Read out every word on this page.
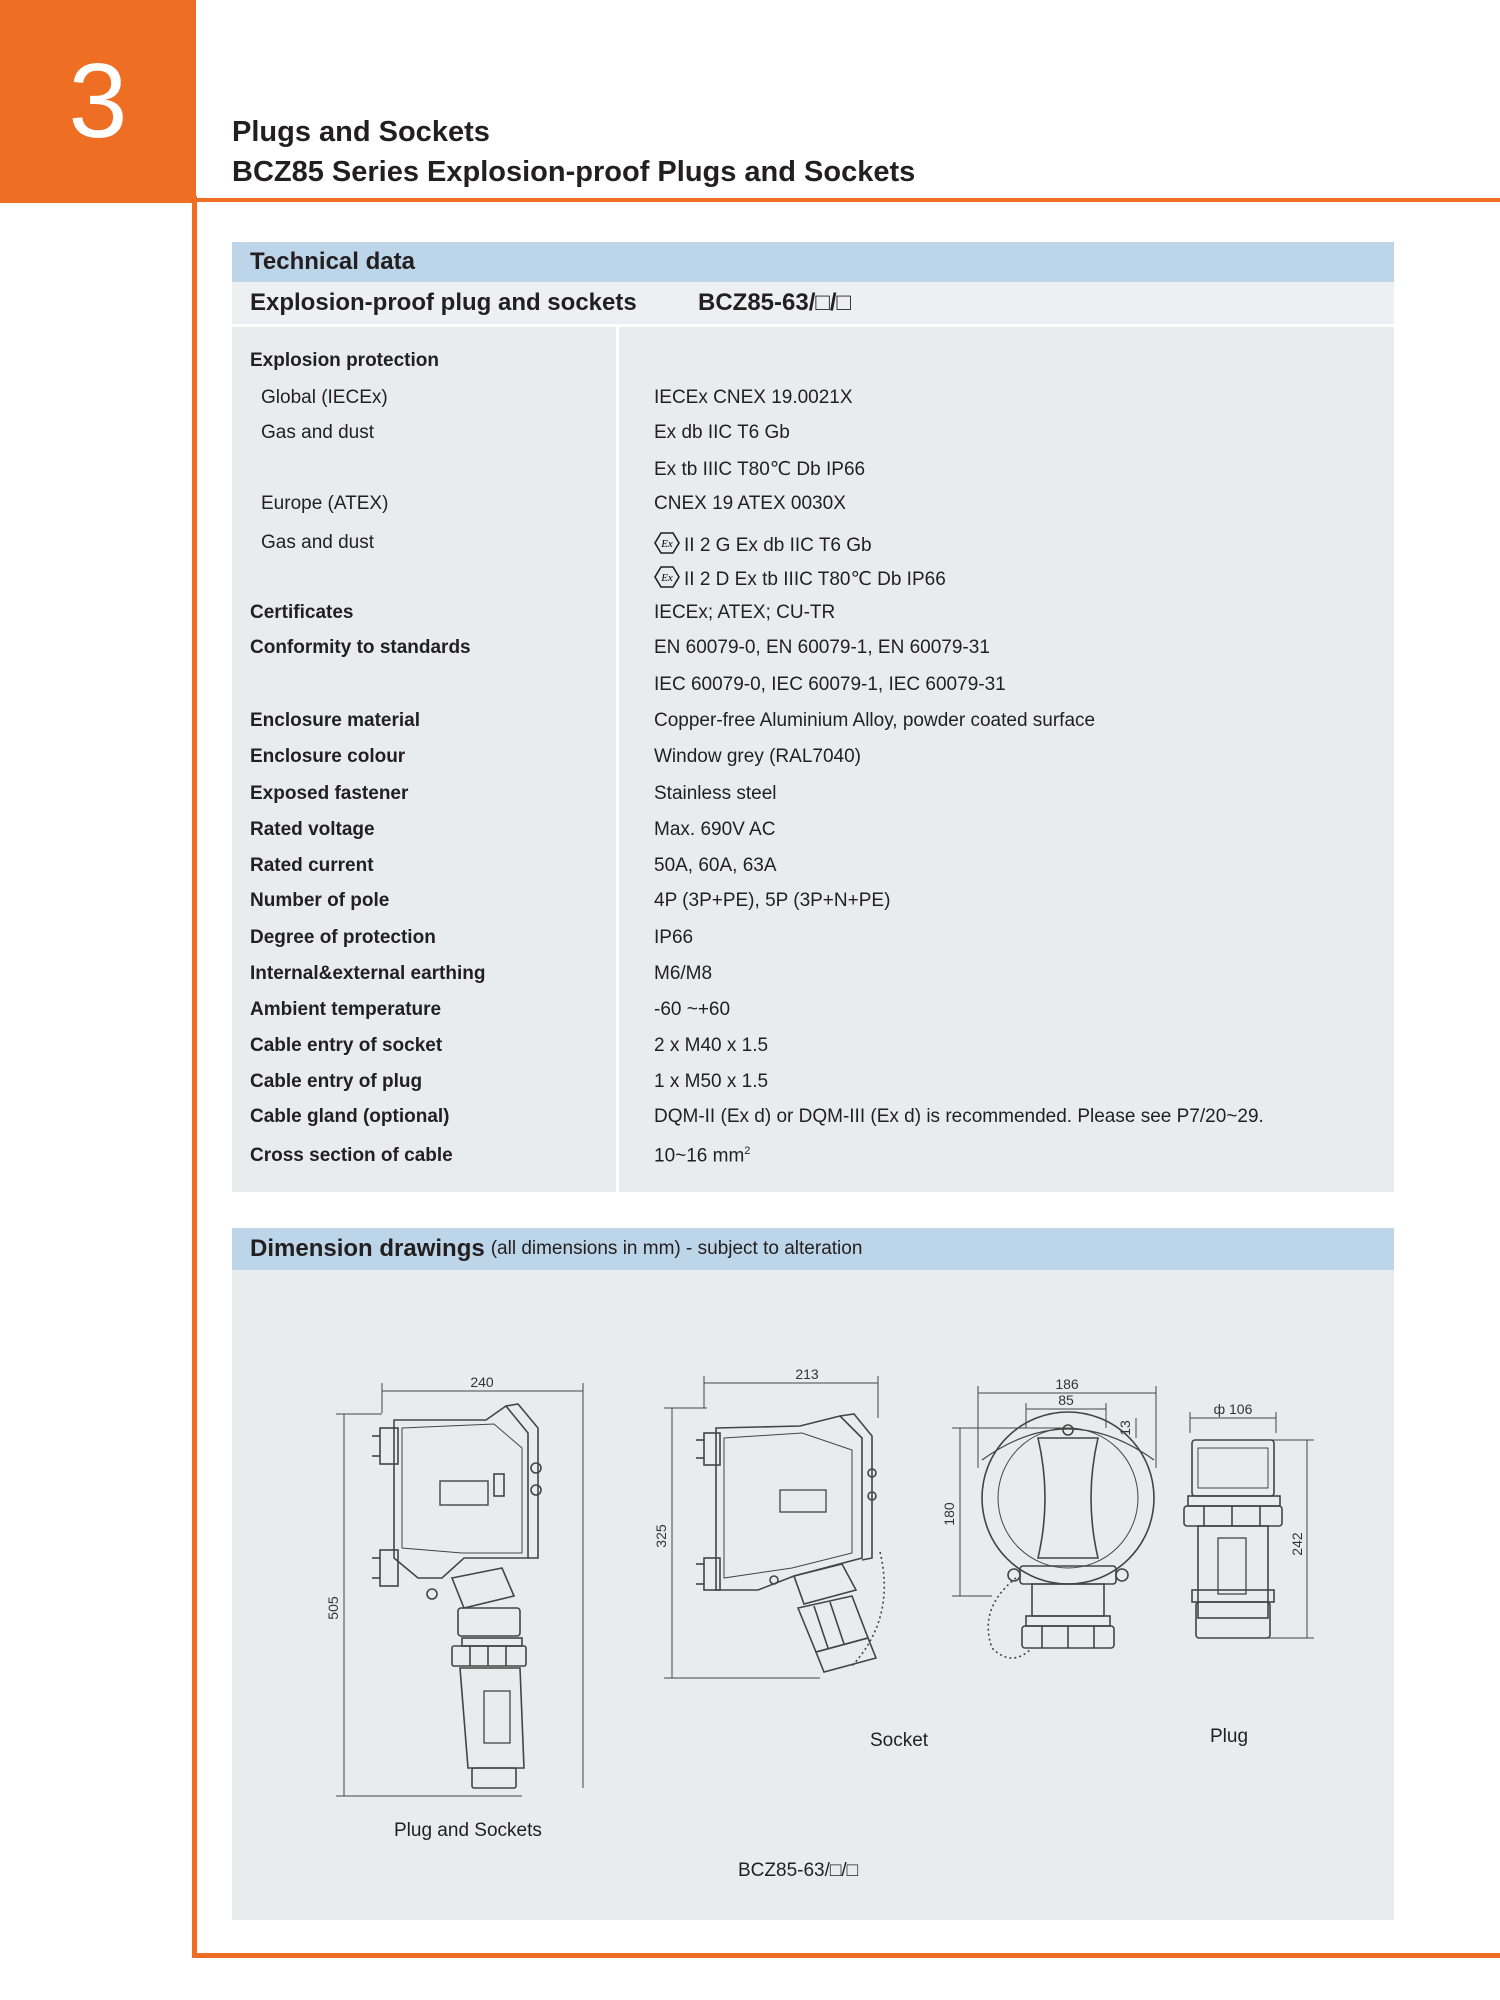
3	Plugs and Sockets
BCZ85 Series Explosion-proof Plugs and Sockets
Technical data
Explosion-proof plug and sockets	BCZ85-63/□/□
Explosion protection
Global (IECEx)	IECEx CNEX 19.0021X
Gas and dust	Ex db IIC T6 Gb
Ex tb IIIC T80℃ Db IP66
Europe (ATEX)	CNEX 19 ATEX 0030X
Gas and dust	Ex II 2 G Ex db IIC T6 Gb
Ex II 2 D Ex tb IIIC T80℃ Db IP66
Certificates	IECEx; ATEX; CU-TR
Conformity to standards	EN 60079-0, EN 60079-1, EN 60079-31
IEC 60079-0, IEC 60079-1, IEC 60079-31
Enclosure material	Copper-free Aluminium Alloy, powder coated surface
Enclosure colour	Window grey (RAL7040)
Exposed fastener	Stainless steel
Rated voltage	Max. 690V AC
Rated current	50A, 60A, 63A
Number of pole	4P (3P+PE), 5P (3P+N+PE)
Degree of protection	IP66
Internal&external earthing	M6/M8
Ambient temperature	-60 ~+60
Cable entry of socket	2 x M40 x 1.5
Cable entry of plug	1 x M50 x 1.5
Cable gland (optional)	DQM-II (Ex d) or DQM-III (Ex d) is recommended. Please see P7/20~29.
Cross section of cable	10~16 $mm^2$
Dimension drawings (all dimensions in mm) - subject to alteration
240
505
213
325
186
85
13
180
ф 106
242
Plug and Sockets
Socket	Plug
BCZ85-63/□/□
